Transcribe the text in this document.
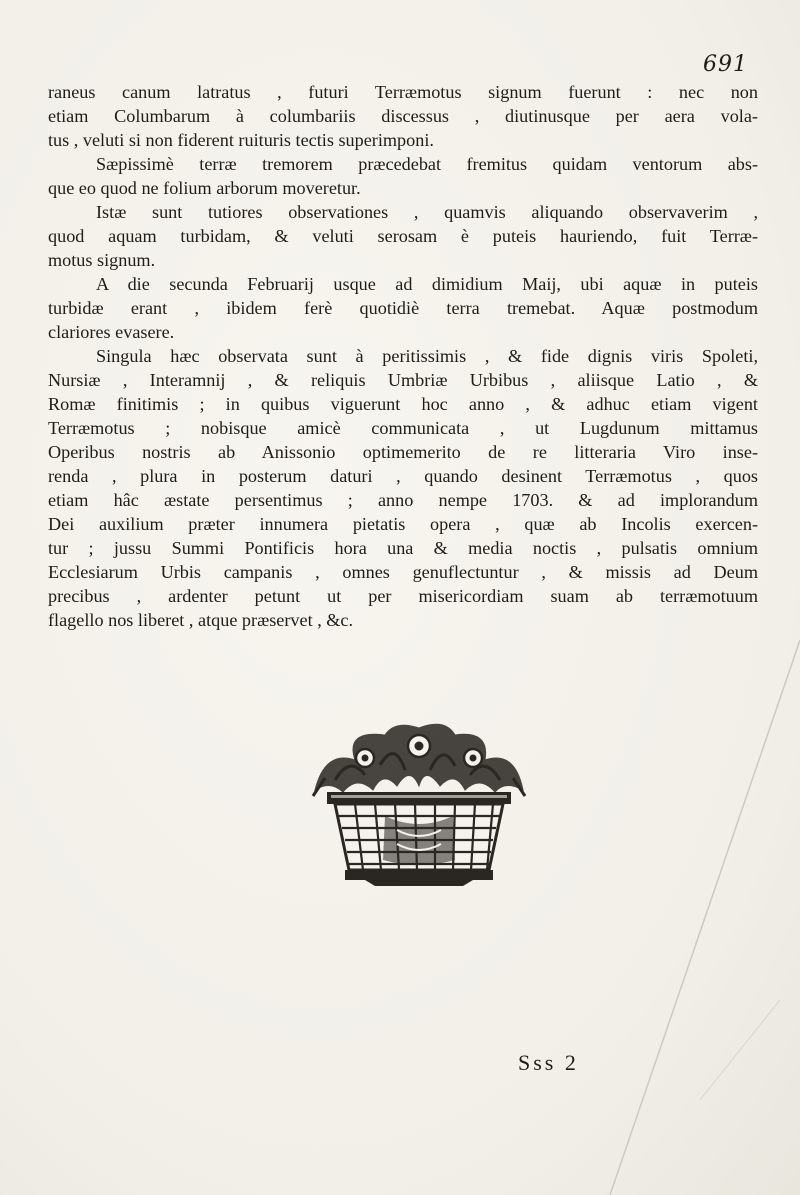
691
raneus canum latratus , futuri Terræmotus signum fuerunt : nec non
etiam Columbarum à columbariis discessus , diutinusque per aera vola-
tus , veluti si non fiderent ruituris tectis superimponi.
Sæpissimè terræ tremorem præcedebat fremitus quidam ventorum abs-
que eo quod ne folium arborum moveretur.
Istæ sunt tutiores observationes , quamvis aliquando observaverim ,
quod aquam turbidam, & veluti serosam è puteis hauriendo, fuit Terræ-
motus signum.
A die secunda Februarij usque ad dimidium Maij, ubi aquæ in puteis
turbidæ erant , ibidem ferè quotidiè terra tremebat. Aquæ postmodum
clariores evasere.
Singula hæc observata sunt à peritissimis , & fide dignis viris Spoleti,
Nursiæ , Interamnij , & reliquis Umbriæ Urbibus , aliisque Latio , &
Romæ finitimis ; in quibus viguerunt hoc anno , & adhuc etiam vigent
Terræmotus ; nobisque amicè communicata , ut Lugdunum mittamus
Operibus nostris ab Anissonio optimemerito de re litteraria Viro inse-
renda , plura in posterum daturi , quando desinent Terræmotus , quos
etiam hâc æstate persentimus ; anno nempe 1703. & ad implorandum
Dei auxilium præter innumera pietatis opera , quæ ab Incolis exercen-
tur ; jussu Summi Pontificis hora una & media noctis , pulsatis omnium
Ecclesiarum Urbis campanis , omnes genuflectuntur , & missis ad Deum
precibus , ardenter petunt ut per misericordiam suam ab terræmotuum
flagello nos liberet , atque præservet , &c.
Sss 2
